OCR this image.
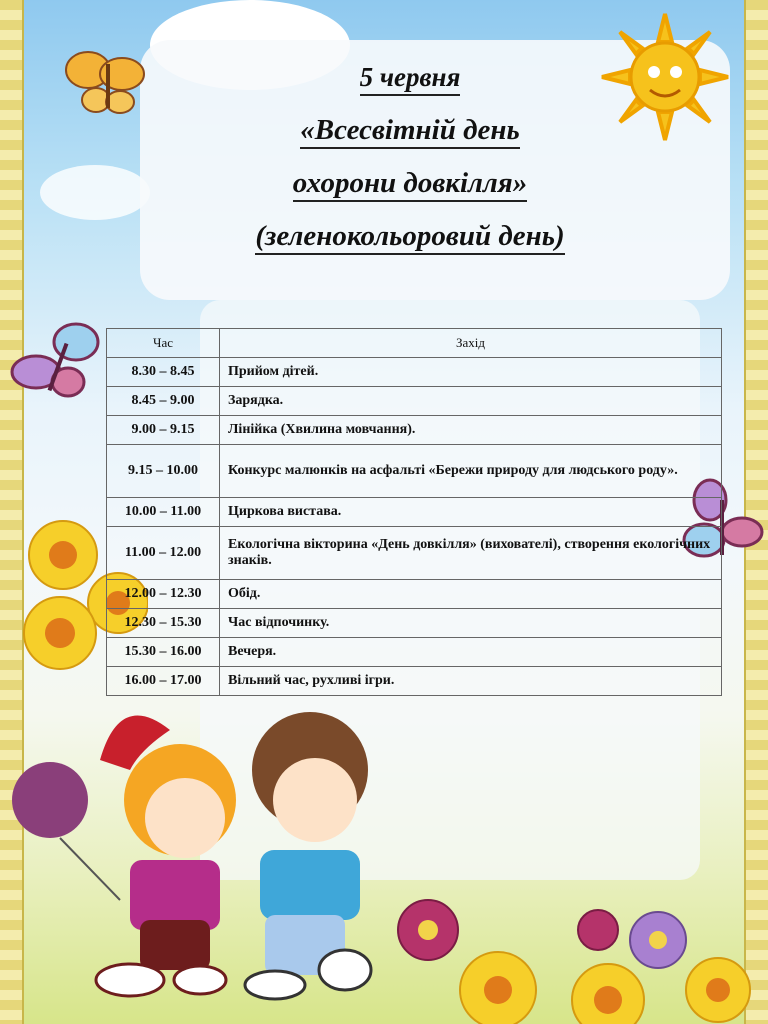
5 червня
«Всесвітній день
охорони довкілля»
(зеленокольоровий день)
Час	Захід
8.30 – 8.45	Прийом дітей.
8.45 – 9.00	Зарядка.
9.00 – 9.15	Лінійка (Хвилина мовчання).
9.15 – 10.00	Конкурс малюнків на асфальті «Бережи природу для людського роду».
10.00 – 11.00	Циркова вистава.
11.00 – 12.00	Екологічна вікторина «День довкілля» (вихователі), створення екологічних знаків.
12.00 – 12.30	Обід.
12.30 – 15.30	Час відпочинку.
15.30 – 16.00	Вечеря.
16.00 – 17.00	Вільний час, рухливі ігри.
